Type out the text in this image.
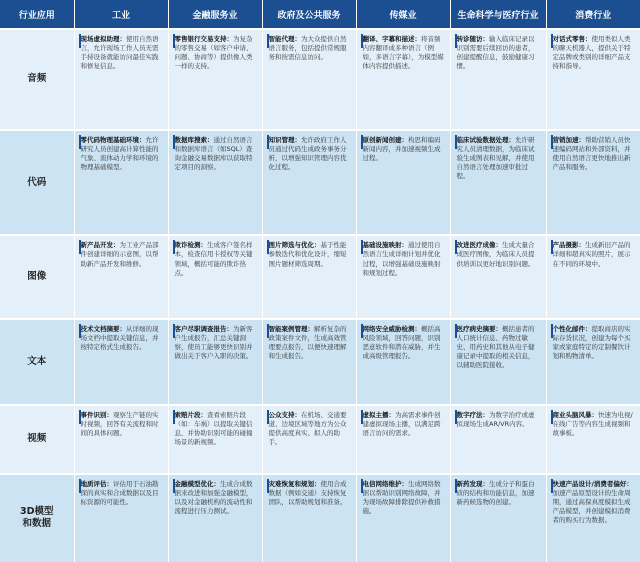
行业应用	工业	金融服务业	政府及公共服务	传媒业	生命科学与医疗行业	消费行业
音频	现场虚拟助理：使用自然语言，允许现场工作人员无需手持设备就能访问最佳实践和修复信息。	零售银行交易支持：为复杂的零售交易（如客户申请、问题、协商等）提供像人类一样的支持。	智能代理：为大众提供自然语言服务，包括提供常规服务和按需信息访问。	翻译、字幕和描述：将音频内容翻译成多种语言（例如，多语言字幕），为模型媒体内容提供描述。	转诊随访：输入临床记录以识别需要后续回访的患者，创建提醒信息，鼓励健康习惯。	对话式零售：使用类似人类的聊天机器人，提供关于特定品牌或类别的详细产品支持和指导。

代码	零代码物理基础环境：允许研究人员创建高计算性能的气象、流体动力学和环境的物理基础模型。	数据库搜索：通过自然语言和数据库语言（如SQL）查询金融交易数据库以获取特定项目的洞察。	知识管理：允许政府工作人员通过代码生成政务事务分析，以增强知识管理内容优化过程。	原创新闻创建：构思和编码新闻内容，并加速视频生成过程。	临床试验数据处理：允许研究人员清理数据，为临床试验生成图表和见解，并使用自然语言处理加速审批过程。	营销加速：帮助营销人员快速编码网站和外部资料，并使用自然语言更快地推出新产品和服务。

图像	新产品开发：为工业产品部件创建详细的示意图，以帮助新产品开发和维修。	欺诈检测：生成客户签名样本，检查信用卡授权等关键领域，概括可能的欺诈热点。	图片筛选与优化：基于性能参数迭代和优化设计，缩短图片题材筛选周期。	基础设施映射：通过使用自然语言生成详细计划并优化过程，以增强基础设施映射和规划过程。	改进医疗成像：生成大量合成医疗图像，为临床人员提供培训以更好地识别问题。	产品摄影：生成新旧产品的详细和超真实的照片，展示在不同的环境中。

文本	技术文档摘要：从详细的现场文档中提取关键信息，并按特定格式生成报告。	客户尽职调查报告：为新客户生成报告，汇总关键洞察，使员工能够更快识别并做出关于客户入职的决策。	智能案例管理：解析复杂的政策案件文件，生成高效管理要点报告，以便快速理解和生成报告。	网络安全威胁检测：概括高风险领域，回答问题，识别恶意软件和潜在威胁，并生成高级管理报告。	医疗病史摘要：概括患者的人口统计信息、药物过敏史、用药史和其他从电子健康记录中提取的相关信息，以辅助医院接收。	个性化邮件：提取商店的实际存货状况，创建为每个买家或家庭特定的定制餐饮计划和购物清单。

视频	事件识别：观察生产链的实时视频，回答有关流程和时间的具体问题。	索赔片段：查看索赔片段（如：车祸）以提取关键信息，并协助识别可能的碰撞场景的新视频。	公众支持：在机场、交通要道、边境区域等地方为公众提供高度真实、拟人的助手。	虚拟主播：为高需求事件创建虚拟现场主播，以满足跨语言访问的需求。	数字疗法：为数字治疗或虚拟现场生成AR/VR内容。	商业头脑风暴：快速为电视/在线广告等内容生成视频和故事板。

3D模型
和数据	地质评估：评估用于石油勘探的真实和合成数据以及目标资源的可能性。	金融模型优化：生成合成数据来改进和加强金融模型，以及对金融机构的流动性和流程进行压力测试。	灾难恢复和规划：使用合成数据（例如交通）支持恢复团队，以帮助规划和准备。	电信网络维护：生成网络数据以帮助识别网络故障，并为现场故障排除提供补救措施。	新药发现：生成分子和蛋白质的结构和功能信息，加速新药候选物的创建。	快速产品设计/消费者偏好：加速产品原型设计的生命周期，通过高保真度模拟生成产品模型，并创建模拟消费者的购买行为数据。
